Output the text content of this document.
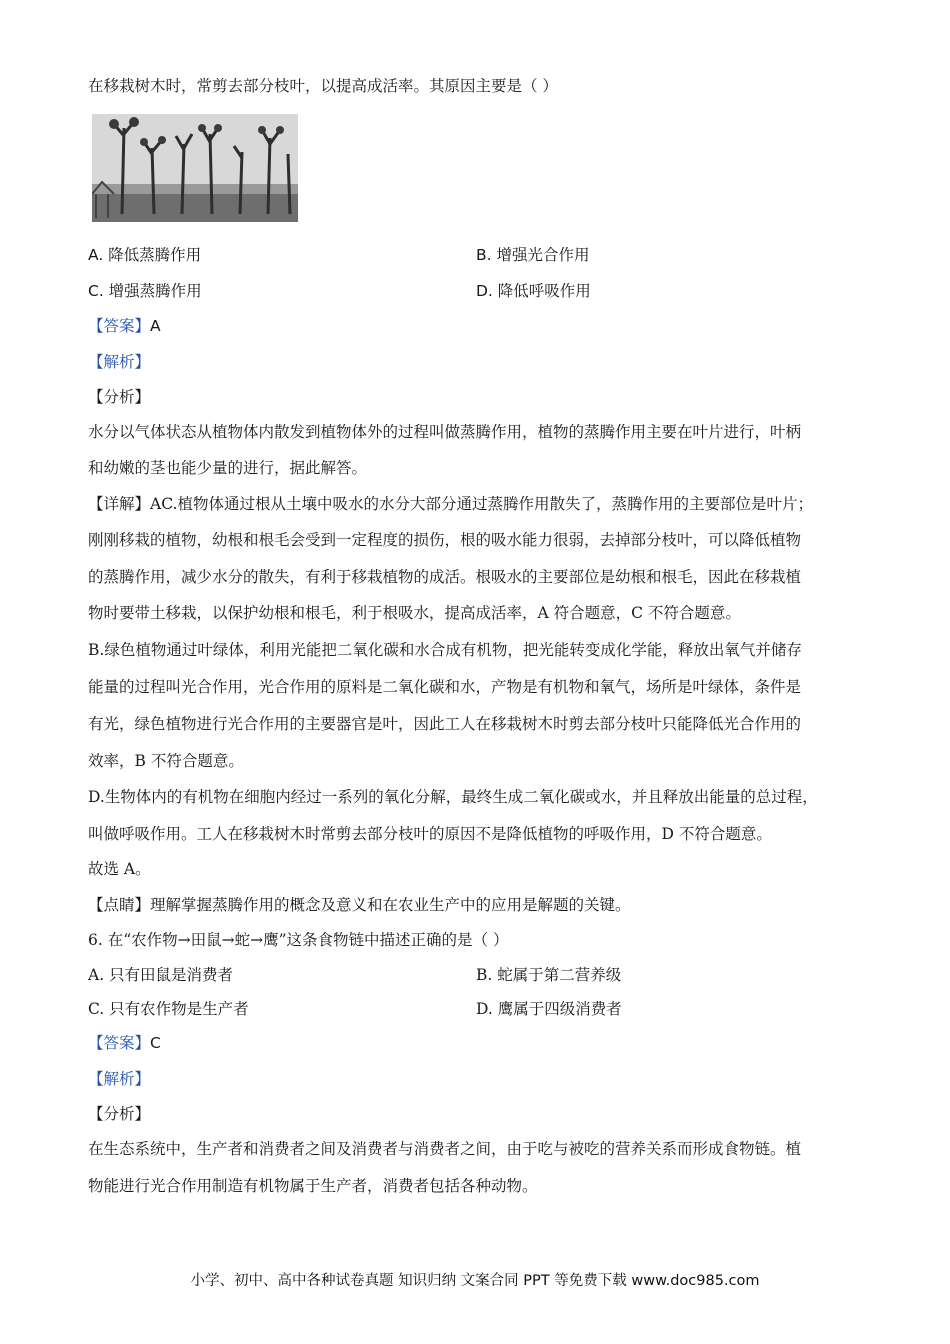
在移栽树木时，常剪去部分枝叶，以提高成活率。其原因主要是（ ）
A. 降低蒸腾作用	B. 增强光合作用
C. 增强蒸腾作用	D. 降低呼吸作用
【答案】A
【解析】
【分析】
水分以气体状态从植物体内散发到植物体外的过程叫做蒸腾作用，植物的蒸腾作用主要在叶片进行，叶柄
和幼嫩的茎也能少量的进行，据此解答。
【详解】AC.植物体通过根从土壤中吸水的水分大部分通过蒸腾作用散失了，蒸腾作用的主要部位是叶片；
刚刚移栽的植物，幼根和根毛会受到一定程度的损伤，根的吸水能力很弱，去掉部分枝叶，可以降低植物
的蒸腾作用，减少水分的散失，有利于移栽植物的成活。根吸水的主要部位是幼根和根毛，因此在移栽植
物时要带土移栽，以保护幼根和根毛，利于根吸水，提高成活率，A 符合题意，C 不符合题意。
B.绿色植物通过叶绿体，利用光能把二氧化碳和水合成有机物，把光能转变成化学能，释放出氧气并储存
能量的过程叫光合作用，光合作用的原料是二氧化碳和水，产物是有机物和氧气，场所是叶绿体，条件是
有光，绿色植物进行光合作用的主要器官是叶，因此工人在移栽树木时剪去部分枝叶只能降低光合作用的
效率，B 不符合题意。
D.生物体内的有机物在细胞内经过一系列的氧化分解，最终生成二氧化碳或水，并且释放出能量的总过程，
叫做呼吸作用。工人在移栽树木时常剪去部分枝叶的原因不是降低植物的呼吸作用，D 不符合题意。
故选 A。
【点睛】理解掌握蒸腾作用的概念及意义和在农业生产中的应用是解题的关键。
6. 在“农作物→田鼠→蛇→鹰”这条食物链中描述正确的是（ ）
A. 只有田鼠是消费者	B. 蛇属于第二营养级
C. 只有农作物是生产者	D. 鹰属于四级消费者
【答案】C
【解析】
【分析】
在生态系统中，生产者和消费者之间及消费者与消费者之间，由于吃与被吃的营养关系而形成食物链。植
物能进行光合作用制造有机物属于生产者，消费者包括各种动物。
小学、初中、高中各种试卷真题 知识归纳 文案合同 PPT 等免费下载 www.doc985.com
